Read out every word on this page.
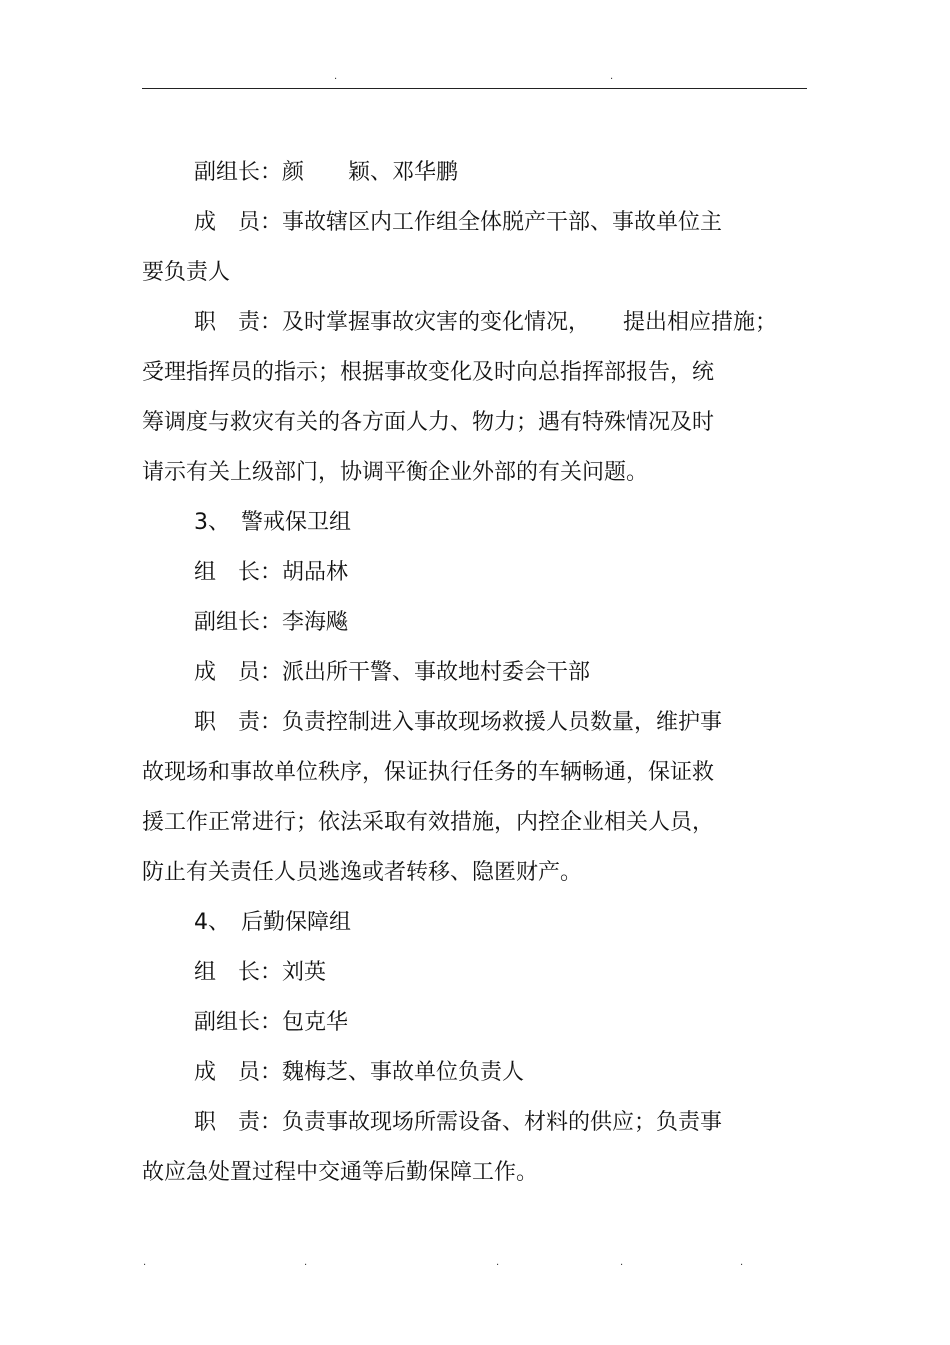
.	.
副组长：颜　　颖、邓华鹏
成　员：事故辖区内工作组全体脱产干部、事故单位主
要负责人
职　责：及时掌握事故灾害的变化情况，　　提出相应措施；
受理指挥员的指示；根据事故变化及时向总指挥部报告，统
筹调度与救灾有关的各方面人力、物力；遇有特殊情况及时
请示有关上级部门，协调平衡企业外部的有关问题。
3、　警戒保卫组
组　长：胡品林
副组长：李海飚
成　员：派出所干警、事故地村委会干部
职　责：负责控制进入事故现场救援人员数量，维护事
故现场和事故单位秩序，保证执行任务的车辆畅通，保证救
援工作正常进行；依法采取有效措施，内控企业相关人员，
防止有关责任人员逃逸或者转移、隐匿财产。
4、　后勤保障组
组　长：刘英
副组长：包克华
成　员：魏梅芝、事故单位负责人
职　责：负责事故现场所需设备、材料的供应；负责事
故应急处置过程中交通等后勤保障工作。
.	.	.	.	.
